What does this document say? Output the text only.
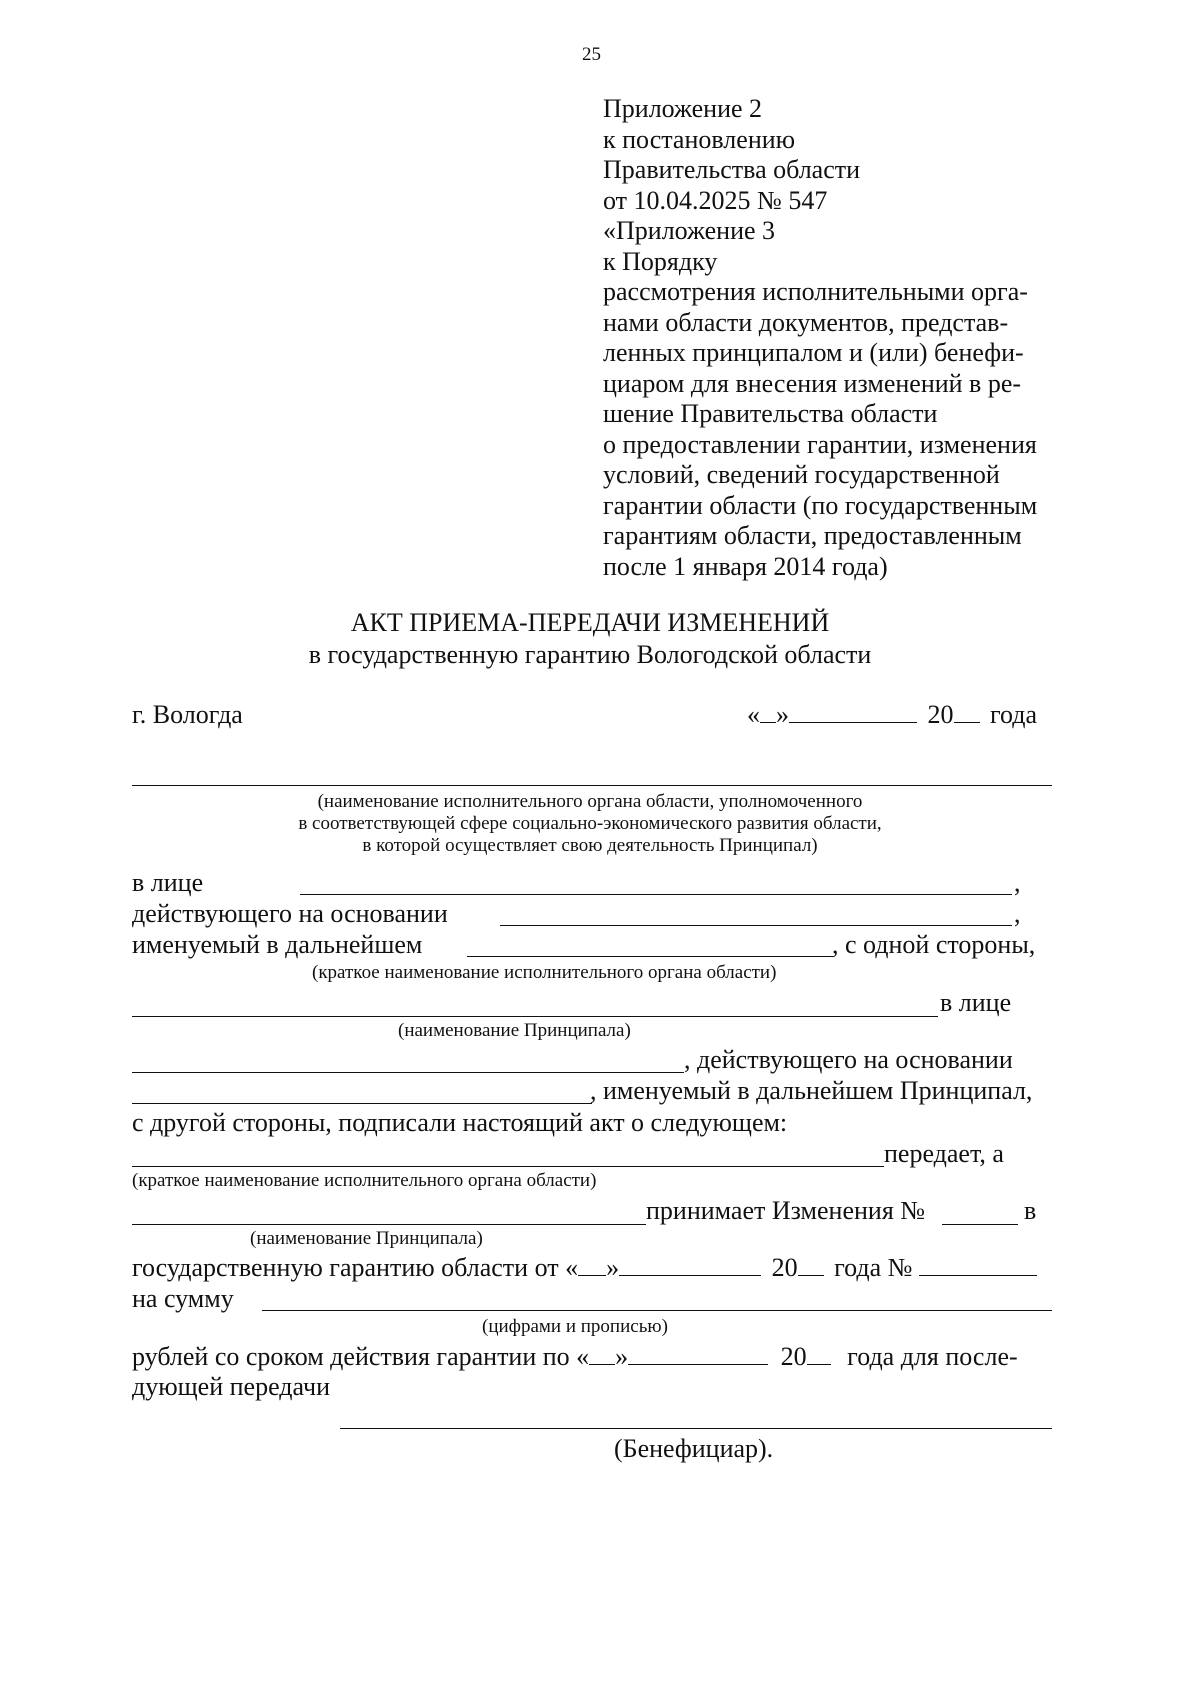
25
Приложение 2
к постановлению
Правительства области
от 10.04.2025 № 547
«Приложение 3
к Порядку
рассмотрения исполнительными орга-
нами области документов, представ-
ленных принципалом и (или) бенефи-
циаром для внесения изменений в ре-
шение Правительства области
о предоставлении гарантии, изменения
условий, сведений государственной
гарантии области (по государственным
гарантиям области, предоставленным
после 1 января 2014 года)
АКТ ПРИЕМА-ПЕРЕДАЧИ ИЗМЕНЕНИЙ
в государственную гарантию Вологодской области
г. Вологда	« »	20 года
(наименование исполнительного органа области, уполномоченного
в соответствующей сфере социально-экономического развития области,
в которой осуществляет свою деятельность Принципал)
в лице	,
действующего на основании	,
именуемый в дальнейшем	, с одной стороны,
(краткое наименование исполнительного органа области)
в лице
(наименование Принципала)
, действующего на основании
, именуемый в дальнейшем Принципал,
с другой стороны, подписали настоящий акт о следующем:
передает, а
(краткое наименование исполнительного органа области)
принимает Изменения №	в
(наименование Принципала)
государственную гарантию области от « »	20 года №
на сумму
(цифрами и прописью)
рублей со сроком действия гарантии по « »	20 года для после-
дующей передачи
(Бенефициар).
